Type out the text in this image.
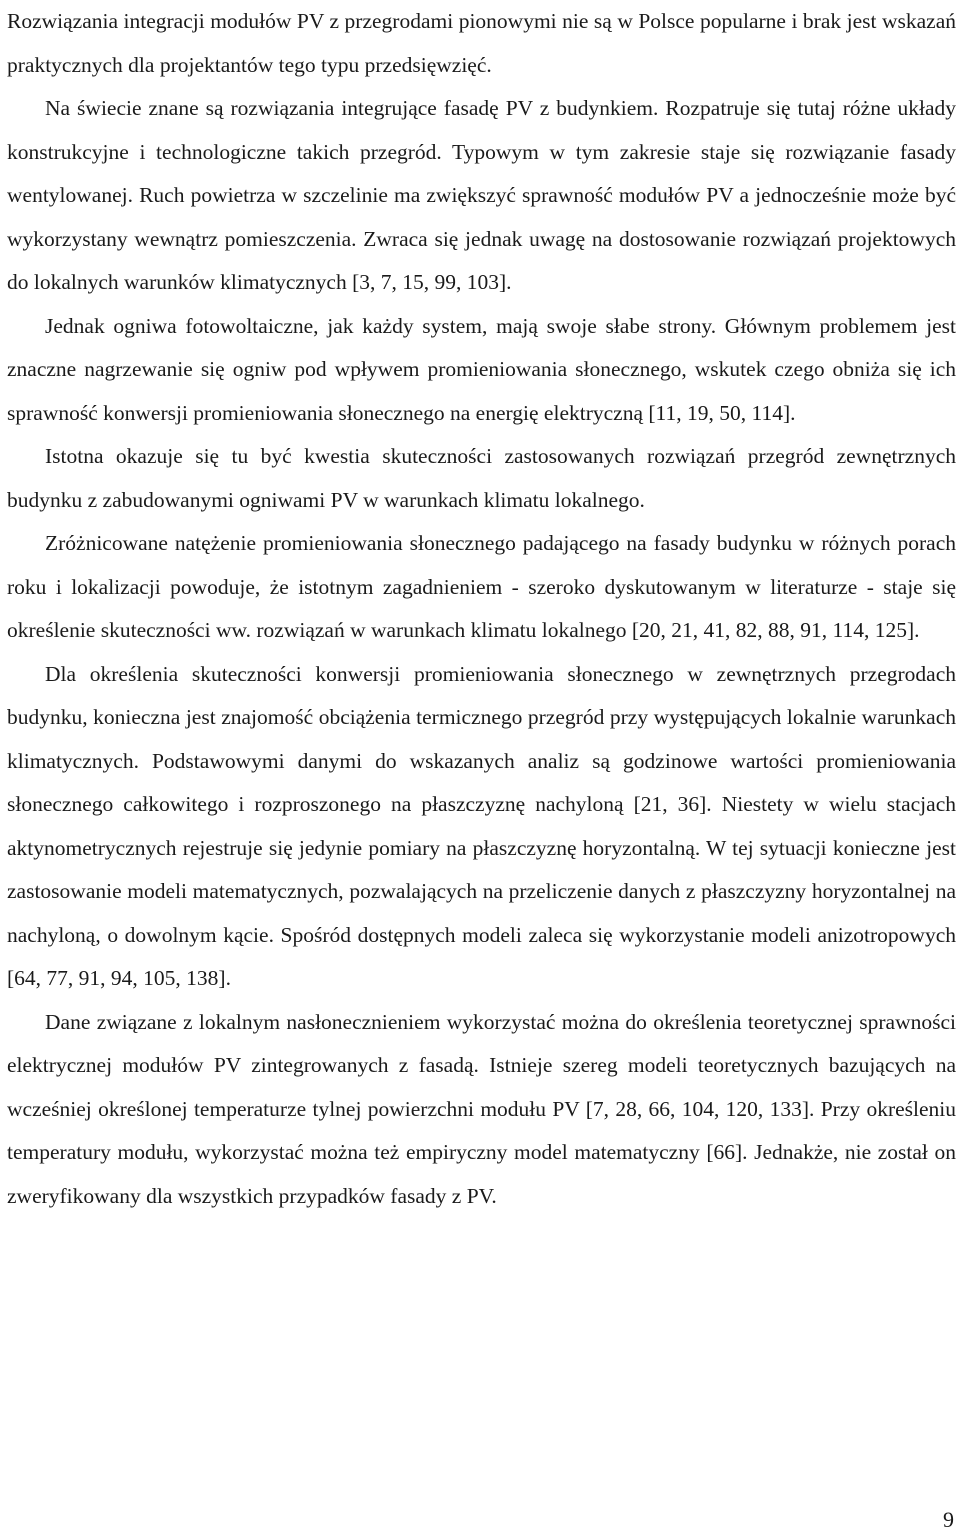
Rozwiązania integracji modułów PV z przegrodami pionowymi nie są w Polsce popularne i brak jest wskazań praktycznych dla projektantów tego typu przedsięwzięć.

Na świecie znane są rozwiązania integrujące fasadę PV z budynkiem. Rozpatruje się tutaj różne układy konstrukcyjne i technologiczne takich przegród. Typowym w tym zakresie staje się rozwiązanie fasady wentylowanej. Ruch powietrza w szczelinie ma zwiększyć sprawność modułów PV a jednocześnie może być wykorzystany wewnątrz pomieszczenia. Zwraca się jednak uwagę na dostosowanie rozwiązań projektowych do lokalnych warunków klimatycznych [3, 7, 15, 99, 103].

Jednak ogniwa fotowoltaiczne, jak każdy system, mają swoje słabe strony. Głównym problemem jest znaczne nagrzewanie się ogniw pod wpływem promieniowania słonecznego, wskutek czego obniża się ich sprawność konwersji promieniowania słonecznego na energię elektryczną [11, 19, 50, 114].

Istotna okazuje się tu być kwestia skuteczności zastosowanych rozwiązań przegród zewnętrznych budynku z zabudowanymi ogniwami PV w warunkach klimatu lokalnego.

Zróżnicowane natężenie promieniowania słonecznego padającego na fasady budynku w różnych porach roku i lokalizacji powoduje, że istotnym zagadnieniem - szeroko dyskutowanym w literaturze - staje się określenie skuteczności ww. rozwiązań w warunkach klimatu lokalnego [20, 21, 41, 82, 88, 91, 114, 125].

Dla określenia skuteczności konwersji promieniowania słonecznego w zewnętrznych przegrodach budynku, konieczna jest znajomość obciążenia termicznego przegród przy występujących lokalnie warunkach klimatycznych. Podstawowymi danymi do wskazanych analiz są godzinowe wartości promieniowania słonecznego całkowitego i rozproszonego na płaszczyznę nachyloną [21, 36]. Niestety w wielu stacjach aktynometrycznych rejestruje się jedynie pomiary na płaszczyznę horyzontalną. W tej sytuacji konieczne jest zastosowanie modeli matematycznych, pozwalających na przeliczenie danych z płaszczyzny horyzontalnej na nachyloną, o dowolnym kącie. Spośród dostępnych modeli zaleca się wykorzystanie modeli anizotropowych [64, 77, 91, 94, 105, 138].

Dane związane z lokalnym nasłonecznieniem wykorzystać można do określenia teoretycznej sprawności elektrycznej modułów PV zintegrowanych z fasadą. Istnieje szereg modeli teoretycznych bazujących na wcześniej określonej temperaturze tylnej powierzchni modułu PV [7, 28, 66, 104, 120, 133]. Przy określeniu temperatury modułu, wykorzystać można też empiryczny model matematyczny [66]. Jednakże, nie został on zweryfikowany dla wszystkich przypadków fasady z PV.

9
